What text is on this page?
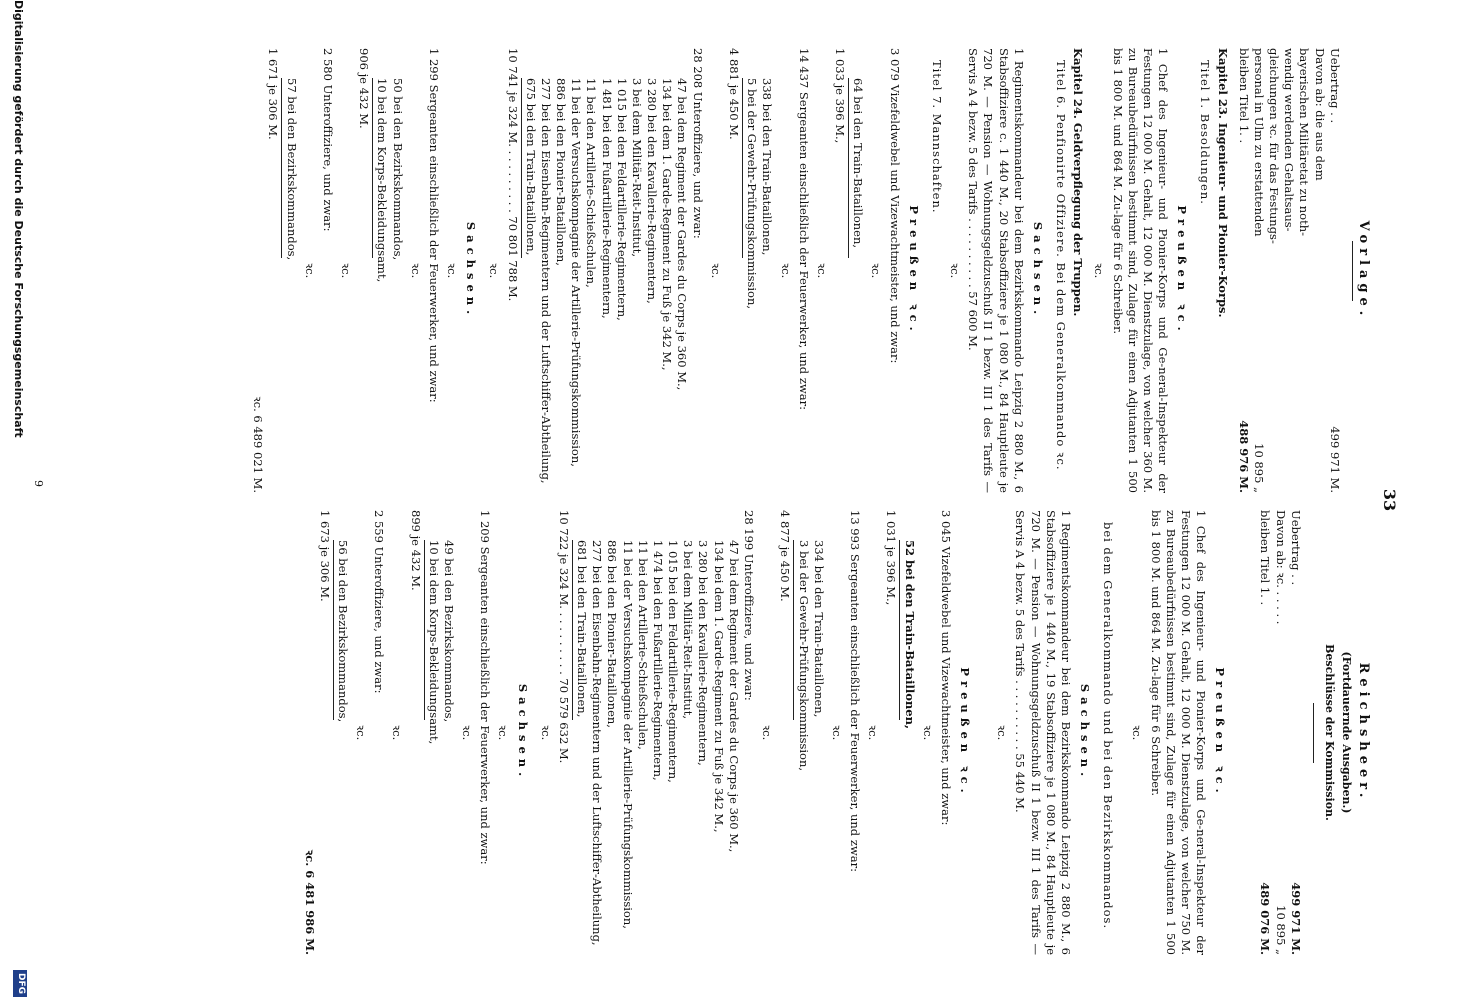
33
Vorlage.
Uebertrag . .
499 971 M.
Davon ab: die aus dem
bayerischen Militäretat zu noth-
wendig werdenden Gehaltsaus-
gleichungen ꝛc. für das Festungs-
personal in Ulm zu erstattenden
10 895 „
bleiben Titel 1. .
488 976 M.
Kapitel 23. Ingenieur- und Pionier-Korps.
Titel 1. Besoldungen.
Preußen ꝛc.
1 Chef des Ingenieur- und Pionier-Korps und Ge-neral-Inspekteur der Festungen 12 000 M. Gehalt, 12 000 M. Dienstzulage, von welcher 360 M. zu Bureaubedürfnissen bestimmt sind, Zulage für einen Adjutanten 1 500 bis 1 800 M. und 864 M. Zu-lage für 6 Schreiber.
ꝛc.
Kapitel 24. Geldverpflegung der Truppen.
Titel 6. Penfionirte Offiziere. Bei dem Generalkommando ꝛc.
Sachsen.
1 Regimentskommandeur bei dem Bezirkskommando Leipzig 2 880 M., 6 Stabsoffiziere c. 1 440 M., 20 Stabsoffiziere je 1 080 M., 84 Hauptleute je 720 M. — Pension — Wohnungsgeldzuschuß II 1 bezw. III 1 des Tarifs — Servis A 4 bezw. 5 des Tarifs . . . . . . . . . . 57 600 M.
ꝛc.
Titel 7. Mannschaften.
Preußen ꝛc.
3 079 Vizefeldwebel und Vizewachtmeister, und zwar:
ꝛc.
64 bei den Train-Bataillonen,
1 033 je 396 M.,
ꝛc.
14 437 Sergeanten einschließlich der Feuerwerker, und zwar:
ꝛc.
338 bei den Train-Bataillonen,
5 bei der Gewehr-Prüfungskommission,
4 881 je 450 M.
ꝛc.
28 208 Unteroffiziere, und zwar:
47 bei dem Regiment der Gardes du Corps je 360 M.,
134 bei dem 1. Garde-Regiment zu Fuß je 342 M.,
3 280 bei den Kavallerie-Regimentern,
3 bei dem Militär-Reit-Institut,
1 015 bei den Feldartillerie-Regimentern,
1 481 bei den Fußartillerie-Regimentern,
11 bei den Artillerie-Schießschulen,
11 bei der Versuchskompagnie der Artillerie-Prüfungskommission,
886 bei den Pionier-Bataillonen,
277 bei den Eisenbahn-Regimentern und der Luftschiffer-Abtheilung,
675 bei den Train-Bataillonen,
10 741 je 324 M. . . . . . . . . . 70 801 788 M.
ꝛc.
Sachsen.
ꝛc.
1 299 Sergeanten einschließlich der Feuerwerker, und zwar:
ꝛc.
50 bei den Bezirkskommandos,
10 bei dem Korps-Bekleidungsamt,
906 je 432 M.
ꝛc.
2 580 Unteroffiziere, und zwar:
ꝛc.
57 bei den Bezirkskommandos,
1 671 je 306 M.
ꝛc. 6 489 021 M.
Reichsheer.
(Fortdauernde Ausgaben.)
Beschlüsse der Kommission.
Uebertrag . .
499 971 M.
Davon ab: ꝛc. . . . . .
10 895 „
bleiben Titel 1. .
489 076 M.
Preußen ꝛc.
1 Chef des Ingenieur- und Pionier-Korps und Ge-neral-Inspekteur der Festungen 12 000 M. Gehalt, 12 000 M. Dienstzulage, von welcher 750 M. zu Bureaubedürfnissen bestimmt sind, Zulage für einen Adjutanten 1 500 bis 1 800 M. und 864 M. Zu-lage für 6 Schreiber.
ꝛc.
bei dem Generalkommando und bei den Bezirkskommandos.
Sachsen.
1 Regimentskommandeur bei dem Bezirkskommando Leipzig 2 880 M., 6 Stabsoffiziere je 1 440 M., 19 Stabsoffiziere je 1 080 M., 84 Hauptleute je 720 M. — Pension — Wohnungsgeldzuschuß II 1 bezw. III 1 des Tarifs — Servis A 4 bezw. 5 des Tarifs . . . . . . . . . . 55 440 M.
ꝛc.
Preußen ꝛc.
3 045 Vizefeldwebel und Vizewachtmeister, und zwar:
ꝛc.
52 bei den Train-Bataillonen,
1 031 je 396 M.,
ꝛc.
13 993 Sergeanten einschließlich der Feuerwerker, und zwar:
ꝛc.
334 bei den Train-Bataillonen,
3 bei der Gewehr-Prüfungskommission,
4 877 je 450 M.
ꝛc.
28 199 Unteroffiziere, und zwar:
47 bei dem Regiment der Gardes du Corps je 360 M.,
134 bei dem 1. Garde-Regiment zu Fuß je 342 M.,
3 280 bei den Kavallerie-Regimentern,
3 bei dem Militär-Reit-Institut,
1 015 bei den Feldartillerie-Regimentern,
1 474 bei den Fußartillerie-Regimentern,
11 bei den Artillerie-Schießschulen,
11 bei der Versuchskompagnie der Artillerie-Prüfungskommission,
886 bei den Pionier-Bataillonen,
277 bei den Eisenbahn-Regimentern und der Luftschiffer-Abtheilung,
681 bei den Train-Bataillonen,
10 722 je 324 M. . . . . . . . . . 70 579 632 M.
ꝛc.
Sachsen.
ꝛc.
1 209 Sergeanten einschließlich der Feuerwerker, und zwar:
ꝛc.
49 bei den Bezirkskommandos,
10 bei dem Korps-Bekleidungsamt,
899 je 432 M.
ꝛc.
2 559 Unteroffiziere, und zwar:
ꝛc.
56 bei den Bezirkskommandos,
1 673 je 306 M.
ꝛc. 6 481 986 M.
9
Digitalisierung gefördert durch die Deutsche Forschungsgemeinschaft
DFG
